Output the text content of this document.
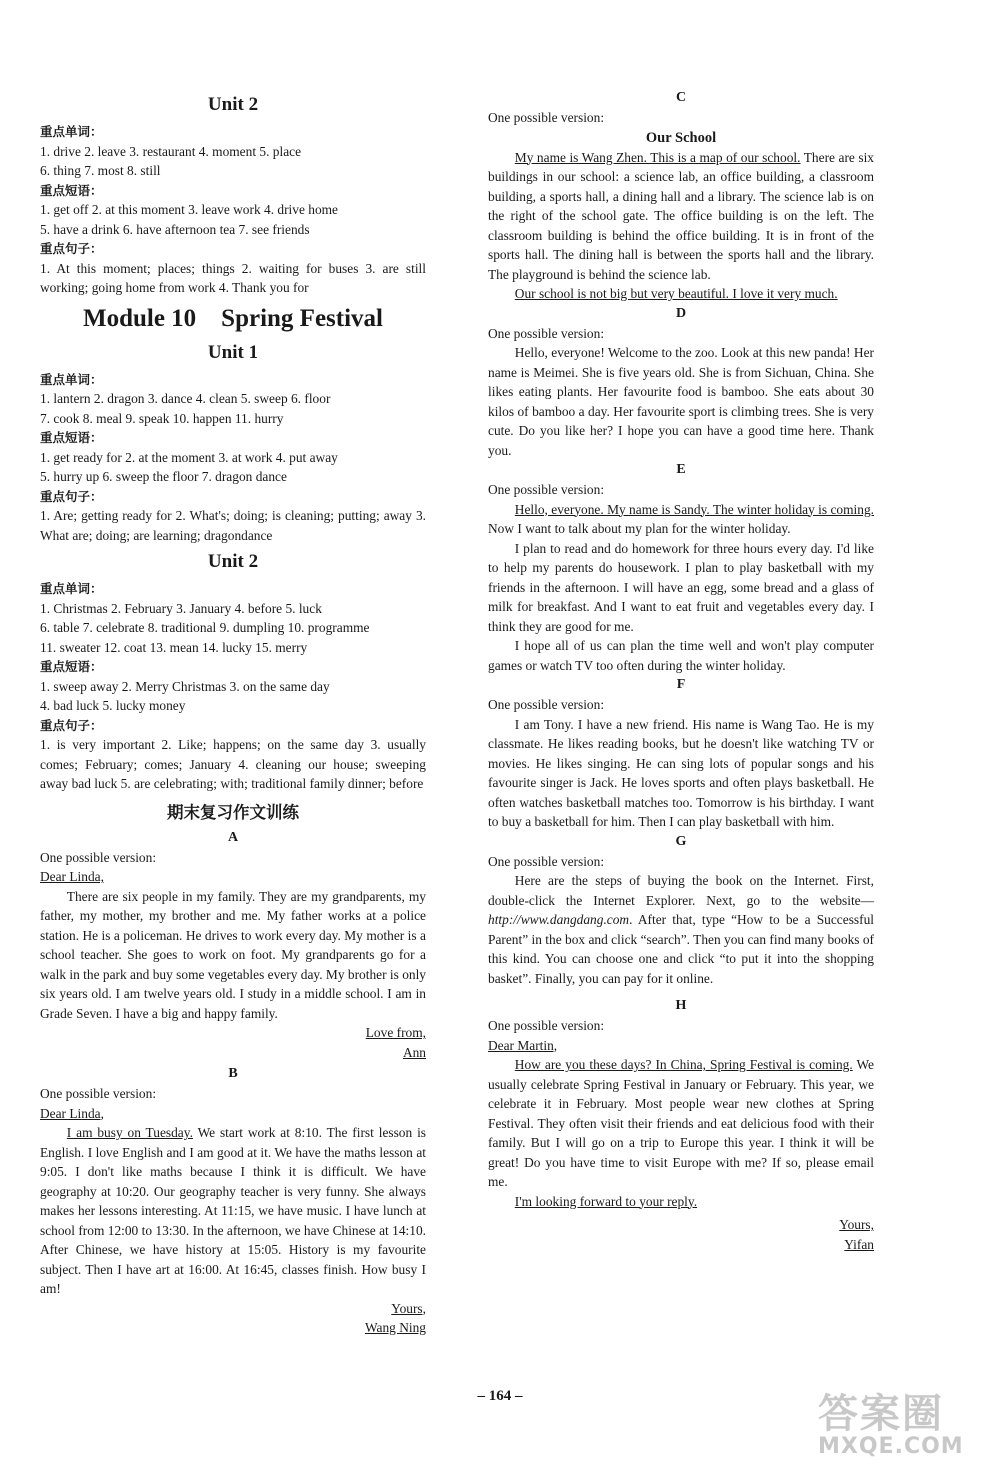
Unit 2

重点单词：

1. drive 2. leave 3. restaurant 4. moment 5. place

6. thing 7. most 8. still

重点短语：

1. get off 2. at this moment 3. leave work 4. drive home

5. have a drink 6. have afternoon tea 7. see friends

重点句子：

1. At this moment; places; things 2. waiting for buses 3. are still working; going home from work 4. Thank you for

Module 10    Spring Festival
Unit 1

重点单词：

1. lantern 2. dragon 3. dance 4. clean 5. sweep 6. floor

7. cook 8. meal 9. speak 10. happen 11. hurry

重点短语：

1. get ready for 2. at the moment 3. at work 4. put away

5. hurry up 6. sweep the floor 7. dragon dance

重点句子：

1. Are; getting ready for 2. What's; doing; is cleaning; putting; away 3. What are; doing; are learning; dragondance

Unit 2

重点单词：

1. Christmas 2. February 3. January 4. before 5. luck

6. table 7. celebrate 8. traditional 9. dumpling 10. programme

11. sweater 12. coat 13. mean 14. lucky 15. merry

重点短语：

1. sweep away 2. Merry Christmas 3. on the same day

4. bad luck 5. lucky money

重点句子：

1. is very important 2. Like; happens; on the same day 3. usually comes; February; comes; January 4. cleaning our house; sweeping away bad luck 5. are celebrating; with; traditional family dinner; before

期末复习作文训练
A

One possible version:

Dear Linda,

There are six people in my family. They are my grandparents, my father, my mother, my brother and me. My father works at a police station. He is a policeman. He drives to work every day. My mother is a school teacher. She goes to work on foot. My grandparents go for a walk in the park and buy some vegetables every day. My brother is only six years old. I am twelve years old. I study in a middle school. I am in Grade Seven. I have a big and happy family.

Love from,

Ann

B

One possible version:

Dear Linda,

I am busy on Tuesday. We start work at 8:10. The first lesson is English. I love English and I am good at it. We have the maths lesson at 9:05. I don't like maths because I think it is difficult. We have geography at 10:20. Our geography teacher is very funny. She always makes her lessons interesting. At 11:15, we have music. I have lunch at school from 12:00 to 13:30. In the afternoon, we have Chinese at 14:10. After Chinese, we have history at 15:05. History is my favourite subject. Then I have art at 16:00. At 16:45, classes finish. How busy I am!

Yours,

Wang Ning

C

One possible version:

Our School

My name is Wang Zhen. This is a map of our school. There are six buildings in our school: a science lab, an office building, a classroom building, a sports hall, a dining hall and a library. The science lab is on the right of the school gate. The office building is on the left. The classroom building is behind the office building. It is in front of the sports hall. The dining hall is between the sports hall and the library. The playground is behind the science lab.

Our school is not big but very beautiful. I love it very much.

D

One possible version:

Hello, everyone! Welcome to the zoo. Look at this new panda! Her name is Meimei. She is five years old. She is from Sichuan, China. She likes eating plants. Her favourite food is bamboo. She eats about 30 kilos of bamboo a day. Her favourite sport is climbing trees. She is very cute. Do you like her? I hope you can have a good time here. Thank you.

E

One possible version:

Hello, everyone. My name is Sandy. The winter holiday is coming. Now I want to talk about my plan for the winter holiday.

I plan to read and do homework for three hours every day. I'd like to help my parents do housework. I plan to play basketball with my friends in the afternoon. I will have an egg, some bread and a glass of milk for breakfast. And I want to eat fruit and vegetables every day. I think they are good for me.

I hope all of us can plan the time well and won't play computer games or watch TV too often during the winter holiday.

F

One possible version:

I am Tony. I have a new friend. His name is Wang Tao. He is my classmate. He likes reading books, but he doesn't like watching TV or movies. He likes singing. He can sing lots of popular songs and his favourite singer is Jack. He loves sports and often plays basketball. He often watches basketball matches too. Tomorrow is his birthday. I want to buy a basketball for him. Then I can play basketball with him.

G

One possible version:

Here are the steps of buying the book on the Internet. First, double-click the Internet Explorer. Next, go to the website—http://www.dangdang.com. After that, type “How to be a Successful Parent” in the box and click “search”. Then you can find many books of this kind. You can choose one and click “to put it into the shopping basket”. Finally, you can pay for it online.

H

One possible version:

Dear Martin,

How are you these days? In China, Spring Festival is coming. We usually celebrate Spring Festival in January or February. This year, we celebrate it in February. Most people wear new clothes at Spring Festival. They often visit their friends and eat delicious food with their family. But I will go on a trip to Europe this year. I think it will be great! Do you have time to visit Europe with me? If so, please email me.

I'm looking forward to your reply.

Yours,

Yifan

– 164 –	答案圈
MXQE.COM
